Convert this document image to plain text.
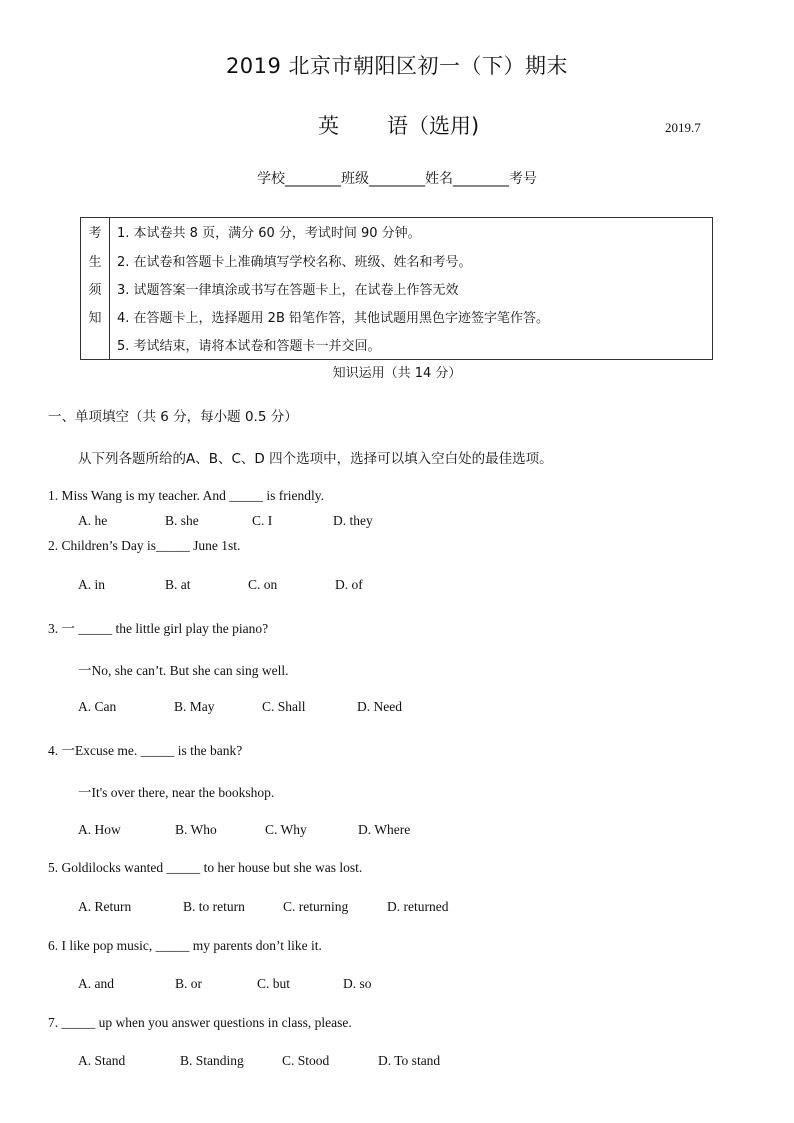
2019 北京市朝阳区初一（下）期末
英 语（选用)	2019.7
学校________班级________姓名________考号
考
生
须
知
1. 本试卷共 8 页，满分 60 分，考试时间 90 分钟。
2. 在试卷和答题卡上准确填写学校名称、班级、姓名和考号。
3. 试题答案一律填涂或书写在答题卡上，在试卷上作答无效
4. 在答题卡上，选择题用 2B 铅笔作答，其他试题用黑色字迹签字笔作答。
5. 考试结束，请将本试卷和答题卡一并交回。
知识运用（共 14 分）
一、单项填空（共 6 分，每小题 0.5 分）
从下列各题所给的A、B、C、D 四个选项中，选择可以填入空白处的最佳选项。
1. Miss Wang is my teacher. And _____ is friendly.
A. he	B. she	C. I	D. they
2. Children’s Day is_____ June 1st.
A. in	B. at	C. on	D. of
3. 一 _____ the little girl play the piano?
一No, she can’t. But she can sing well.
A. Can	B. May	C. Shall	D. Need
4. 一Excuse me. _____ is the bank?
一It's over there, near the bookshop.
A. How	B. Who	C. Why	D. Where
5. Goldilocks wanted _____ to her house but she was lost.
A. Return	B. to return	C. returning	D. returned
6. I like pop music, _____ my parents don’t like it.
A. and	B. or	C. but	D. so
7. _____ up when you answer questions in class, please.
A. Stand	B. Standing	C. Stood	D. To stand
